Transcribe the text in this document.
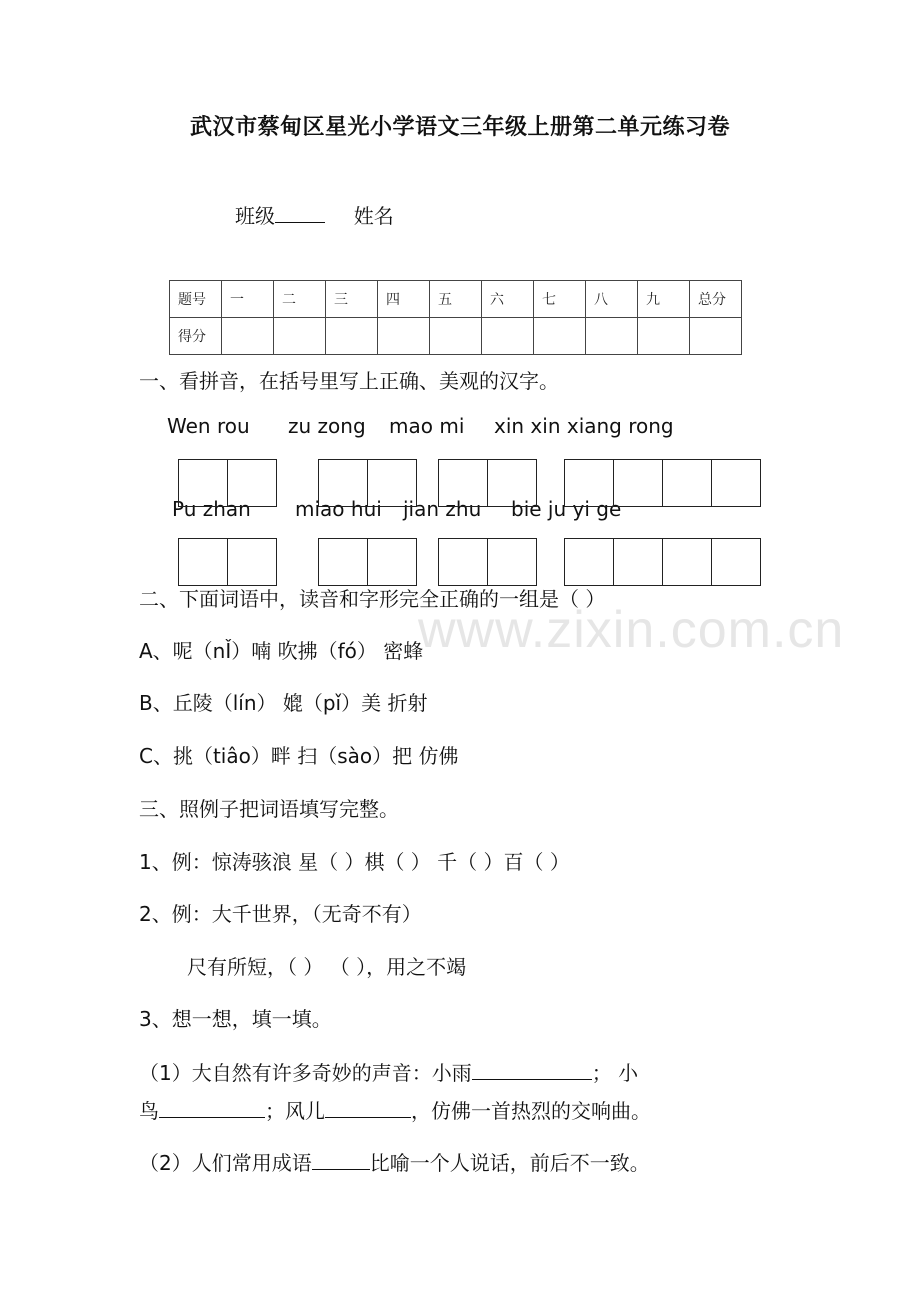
武汉市蔡甸区星光小学语文三年级上册第二单元练习卷
班级	姓名
题号	一	二	三	四	五	六	七	八	九	总分
得分										
一、看拼音，在括号里写上正确、美观的汉字。
Wen rou zu zong mao mi xin xin xiang rong
Pu zhan miao hui jian zhu bie ju yi ge
www.zixin.com.cn
二、下面词语中，读音和字形完全正确的一组是（ ）
A、呢（nǏ）喃 吹拂（fó） 密蜂
B、丘陵（lín） 媲（pǐ）美 折射
C、挑（tiâo）畔 扫（sào）把 仿佛
三、照例子把词语填写完整。
1、例：惊涛骇浪 星（ ）棋（ ） 千（ ）百（ ）
2、例：大千世界，（无奇不有）
尺有所短，（ ） （ ），用之不竭
3、想一想，填一填。
（1）大自然有许多奇妙的声音：小雨	； 小
鸟	；风儿	，仿佛一首热烈的交响曲。
（2）人们常用成语	比喻一个人说话，前后不一致。
